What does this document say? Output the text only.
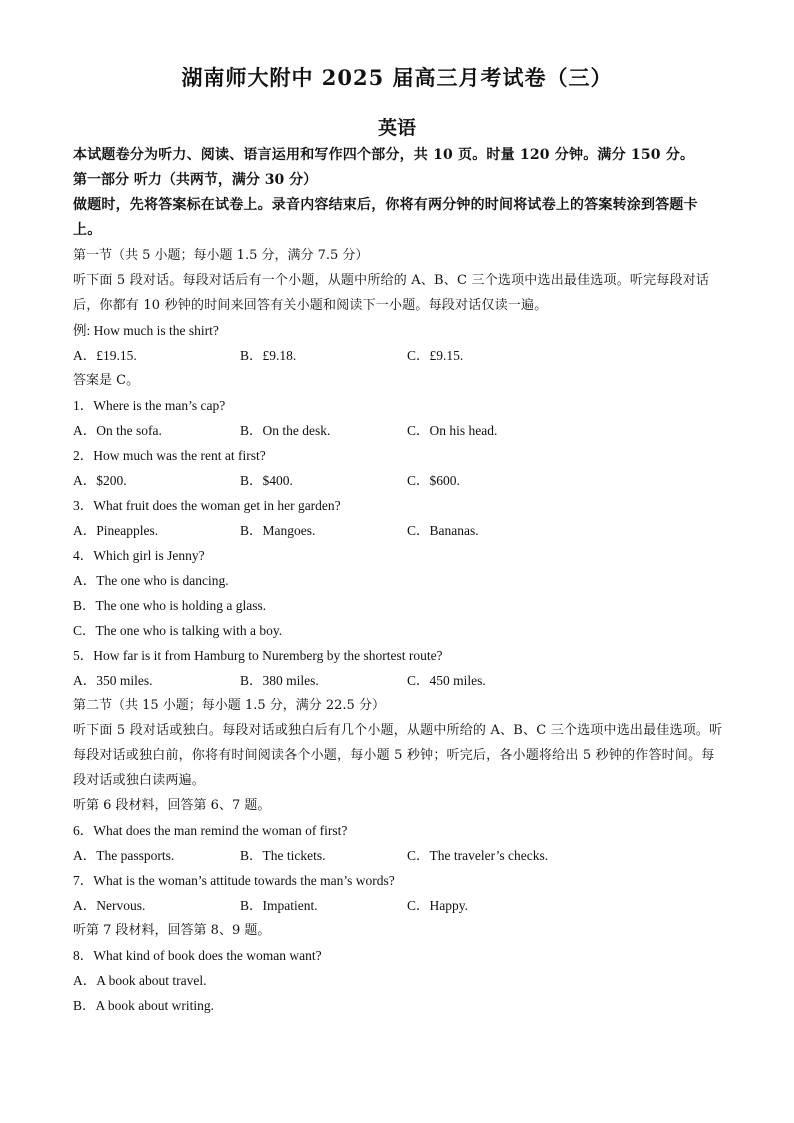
湖南师大附中 2025 届高三月考试卷（三）
英语
本试题卷分为听力、阅读、语言运用和写作四个部分，共 10 页。时量 120 分钟。满分 150 分。
第一部分 听力（共两节，满分 30 分）
做题时，先将答案标在试卷上。录音内容结束后，你将有两分钟的时间将试卷上的答案转涂到答题卡上。
第一节（共 5 小题；每小题 1.5 分，满分 7.5 分）
听下面 5 段对话。每段对话后有一个小题，从题中所给的 A、B、C 三个选项中选出最佳选项。听完每段对话后，你都有 10 秒钟的时间来回答有关小题和阅读下一小题。每段对话仅读一遍。
例: How much is the shirt?
A．£19.15.	B．£9.18.	C．£9.15.
答案是 C。
1．Where is the man’s cap?
A．On the sofa.	B．On the desk.	C．On his head.
2．How much was the rent at first?
A．$200.	B．$400.	C．$600.
3．What fruit does the woman get in her garden?
A．Pineapples.	B．Mangoes.	C．Bananas.
4．Which girl is Jenny?
A．The one who is dancing.
B．The one who is holding a glass.
C．The one who is talking with a boy.
5．How far is it from Hamburg to Nuremberg by the shortest route?
A．350 miles.	B．380 miles.	C．450 miles.
第二节（共 15 小题；每小题 1.5 分，满分 22.5 分）
听下面 5 段对话或独白。每段对话或独白后有几个小题，从题中所给的 A、B、C 三个选项中选出最佳选项。听每段对话或独白前，你将有时间阅读各个小题，每小题 5 秒钟；听完后，各小题将给出 5 秒钟的作答时间。每段对话或独白读两遍。
听第 6 段材料，回答第 6、7 题。
6．What does the man remind the woman of first?
A．The passports.	B．The tickets.	C．The traveler’s checks.
7．What is the woman’s attitude towards the man’s words?
A．Nervous.	B．Impatient.	C．Happy.
听第 7 段材料，回答第 8、9 题。
8．What kind of book does the woman want?
A．A book about travel.
B．A book about writing.
